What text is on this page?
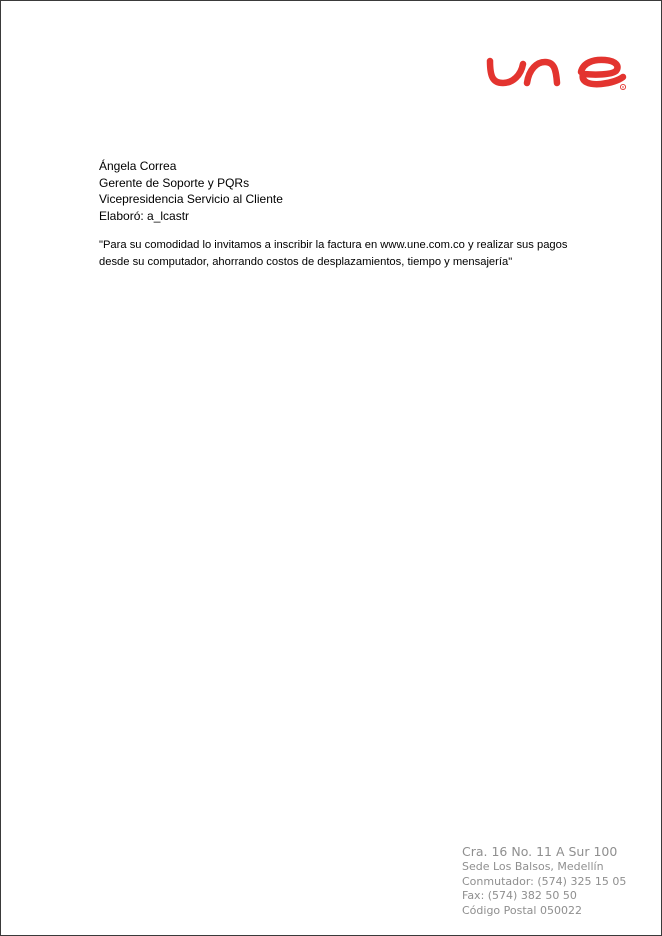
R
Ángela Correa
Gerente de Soporte y PQRs
Vicepresidencia Servicio al Cliente
Elaboró: a_lcastr
"Para su comodidad lo invitamos a inscribir la factura en www.une.com.co y realizar sus pagos
desde su computador, ahorrando costos de desplazamientos, tiempo y mensajería"
Cra. 16 No. 11 A Sur 100
Sede Los Balsos, Medellín
Conmutador: (574) 325 15 05
Fax: (574) 382 50 50
Código Postal 050022
